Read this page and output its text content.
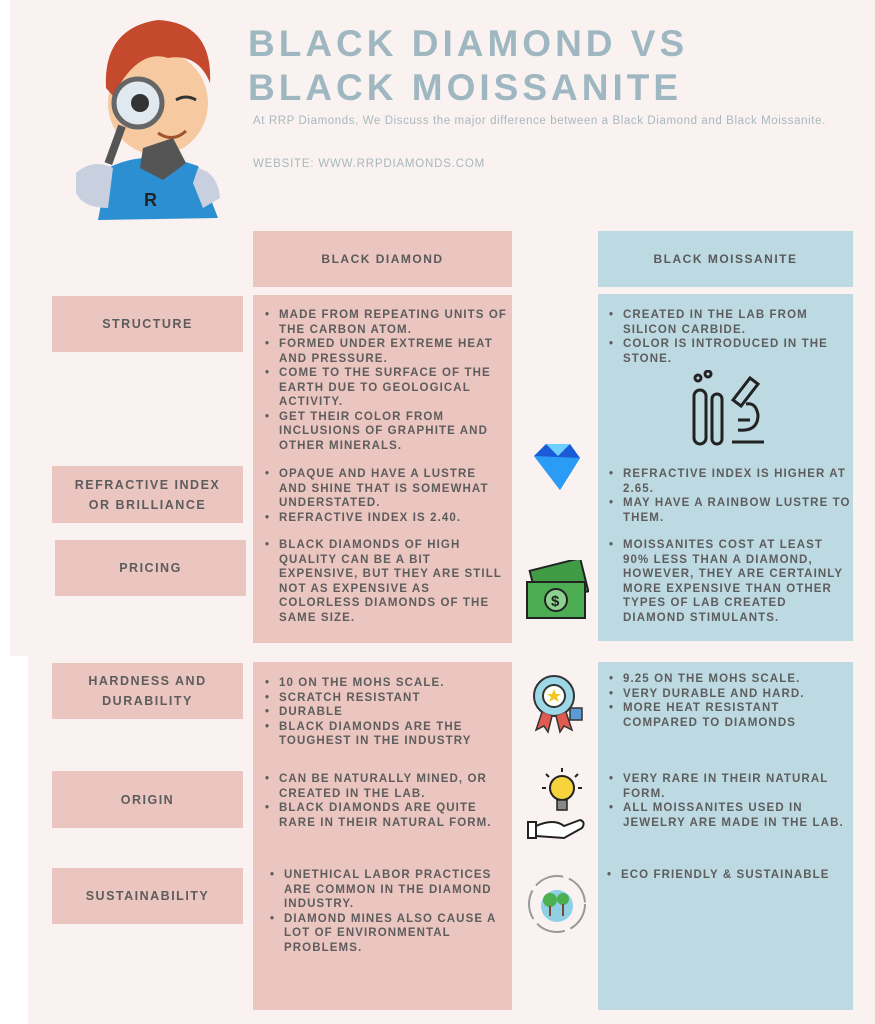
R
BLACK DIAMOND VS
BLACK MOISSANITE
At RRP Diamonds, We Discuss the major difference between a Black Diamond and Black Moissanite.
WEBSITE: WWW.RRPDIAMONDS.COM
BLACK DIAMOND	BLACK MOISSANITE
STRUCTURE
REFRACTIVE INDEX OR BRILLIANCE
PRICING
HARDNESS AND DURABILITY
ORIGIN
SUSTAINABILITY
• MADE FROM REPEATING UNITS OF THE CARBON ATOM.
• FORMED UNDER EXTREME HEAT AND PRESSURE.
• COME TO THE SURFACE OF THE EARTH DUE TO GEOLOGICAL ACTIVITY.
• GET THEIR COLOR FROM INCLUSIONS OF GRAPHITE AND OTHER MINERALS.
• OPAQUE AND HAVE A LUSTRE AND SHINE THAT IS SOMEWHAT UNDERSTATED.
• REFRACTIVE INDEX IS 2.40.
• BLACK DIAMONDS OF HIGH QUALITY CAN BE A BIT EXPENSIVE, BUT THEY ARE STILL NOT AS EXPENSIVE AS COLORLESS DIAMONDS OF THE SAME SIZE.
• 10 ON THE MOHS SCALE.
• SCRATCH RESISTANT
• DURABLE
• BLACK DIAMONDS ARE THE TOUGHEST IN THE INDUSTRY
• CAN BE NATURALLY MINED, OR CREATED IN THE LAB.
• BLACK DIAMONDS ARE QUITE RARE IN THEIR NATURAL FORM.
• UNETHICAL LABOR PRACTICES ARE COMMON IN THE DIAMOND INDUSTRY.
• DIAMOND MINES ALSO CAUSE A LOT OF ENVIRONMENTAL PROBLEMS.
• CREATED IN THE LAB FROM SILICON CARBIDE.
• COLOR IS INTRODUCED IN THE STONE.
• REFRACTIVE INDEX IS HIGHER AT 2.65.
• MAY HAVE A RAINBOW LUSTRE TO THEM.
• MOISSANITES COST AT LEAST 90% LESS THAN A DIAMOND, HOWEVER, THEY ARE CERTAINLY MORE EXPENSIVE THAN OTHER TYPES OF LAB CREATED DIAMOND STIMULANTS.
• 9.25 ON THE MOHS SCALE.
• VERY DURABLE AND HARD.
• MORE HEAT RESISTANT COMPARED TO DIAMONDS
• VERY RARE IN THEIR NATURAL FORM.
• ALL MOISSANITES USED IN JEWELRY ARE MADE IN THE LAB.
• ECO FRIENDLY & SUSTAINABLE
$
